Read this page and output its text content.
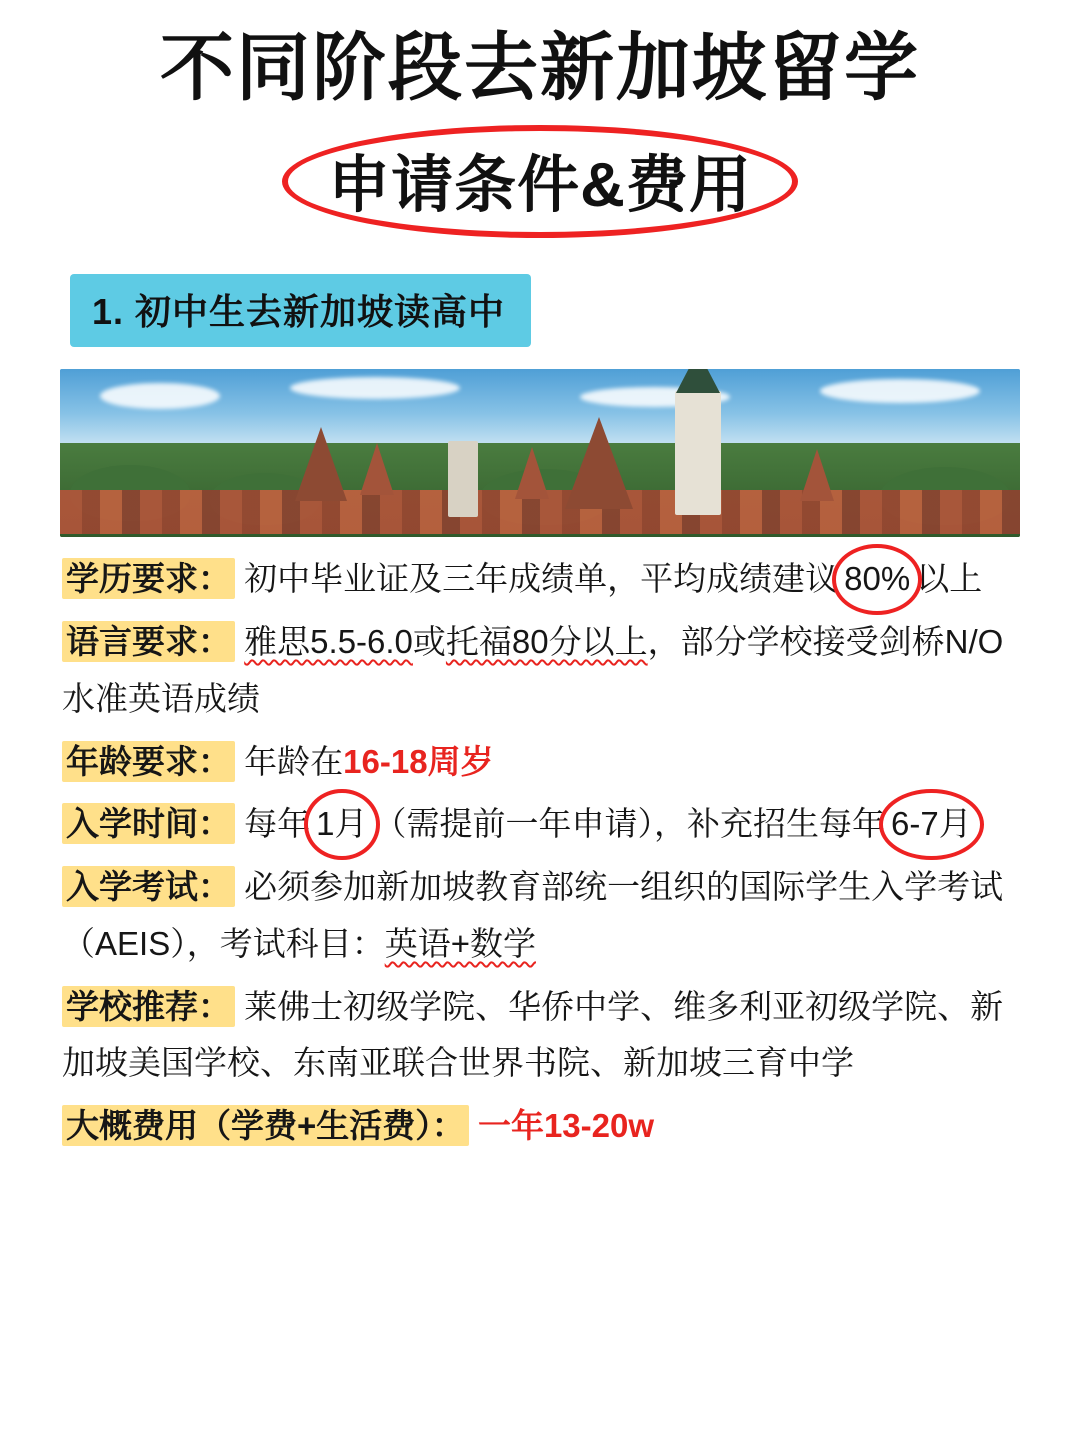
不同阶段去新加坡留学
申请条件&费用
1. 初中生去新加坡读高中

学历要求： 初中毕业证及三年成绩单，平均成绩建议 80% 以上

语言要求： 雅思5.5-6.0或托福80分以上，部分学校接受剑桥N/O水准英语成绩

年龄要求： 年龄在16-18周岁

入学时间： 每年 1月 （需提前一年申请），补充招生每年 6-7月

入学考试： 必须参加新加坡教育部统一组织的国际学生入学考试（AEIS），考试科目：英语+数学

学校推荐： 莱佛士初级学院、华侨中学、维多利亚初级学院、新加坡美国学校、东南亚联合世界书院、新加坡三育中学

大概费用（学费+生活费）： 一年13-20w
